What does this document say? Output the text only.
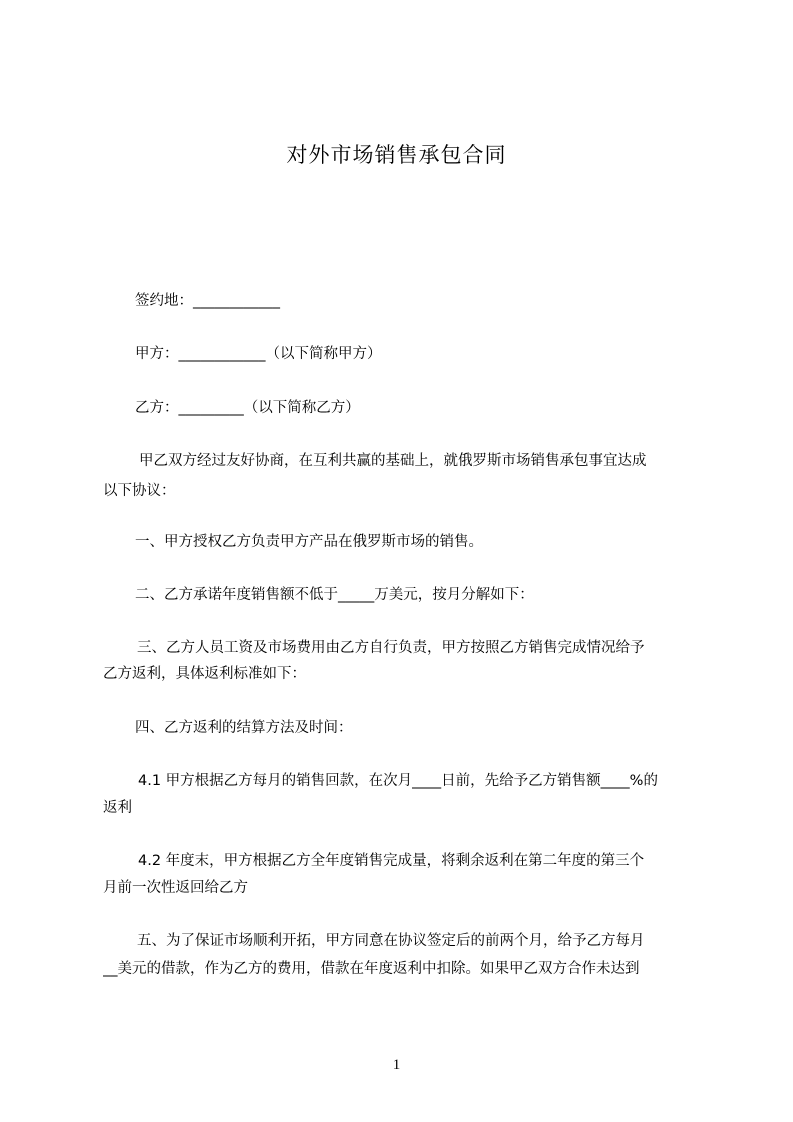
对外市场销售承包合同
签约地：____________
甲方：____________（以下简称甲方）
乙方：_________（以下简称乙方）
甲乙双方经过友好协商，在互利共赢的基础上，就俄罗斯市场销售承包事宜达成
以下协议：
一、甲方授权乙方负责甲方产品在俄罗斯市场的销售。
二、乙方承诺年度销售额不低于_____万美元，按月分解如下：
三、乙方人员工资及市场费用由乙方自行负责，甲方按照乙方销售完成情况给予
乙方返利，具体返利标准如下：
四、乙方返利的结算方法及时间：
4.1 甲方根据乙方每月的销售回款，在次月____日前，先给予乙方销售额____%的
返利
4.2 年度末，甲方根据乙方全年度销售完成量，将剩余返利在第二年度的第三个
月前一次性返回给乙方
五、为了保证市场顺利开拓，甲方同意在协议签定后的前两个月，给予乙方每月
__美元的借款，作为乙方的费用，借款在年度返利中扣除。如果甲乙双方合作未达到
1
